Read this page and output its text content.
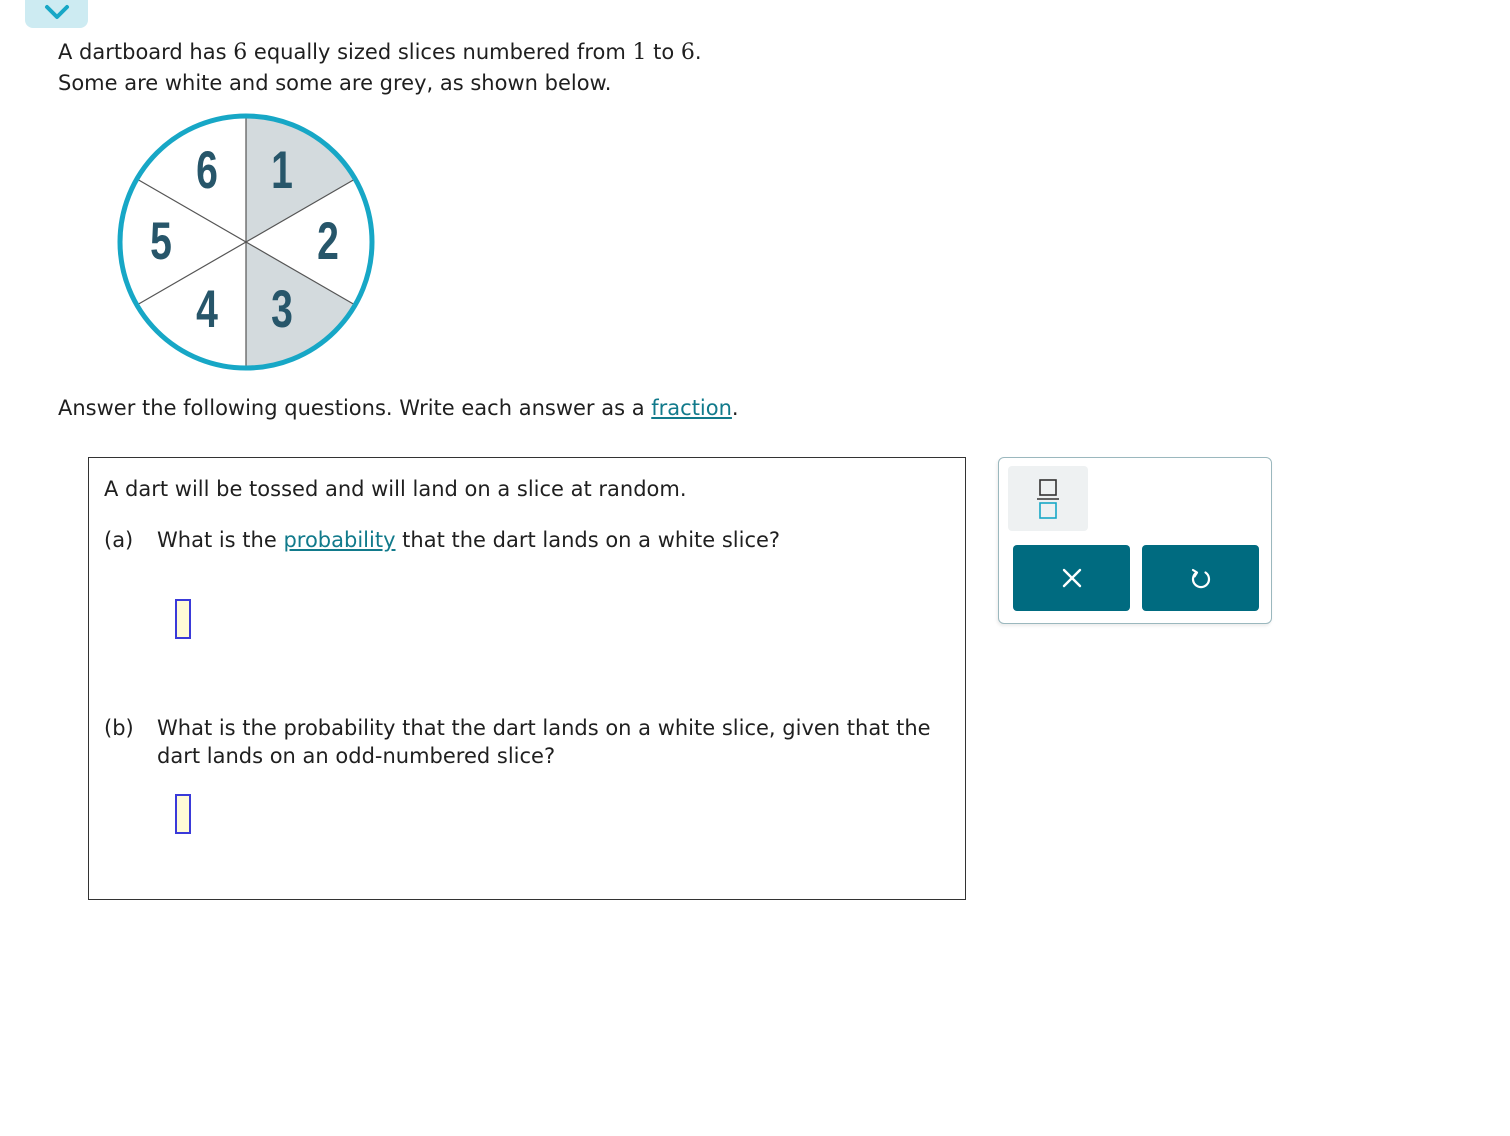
A dartboard has 6 equally sized slices numbered from 1 to 6.

Some are white and some are grey, as shown below.

1
2
3
4
5
6

Answer the following questions. Write each answer as a fraction.

A dart will be tossed and will land on a slice at random.

(a)	What is the probability that the dart lands on a white slice?
(b)	What is the probability that the dart lands on a white slice, given that the dart lands on an odd-numbered slice?
